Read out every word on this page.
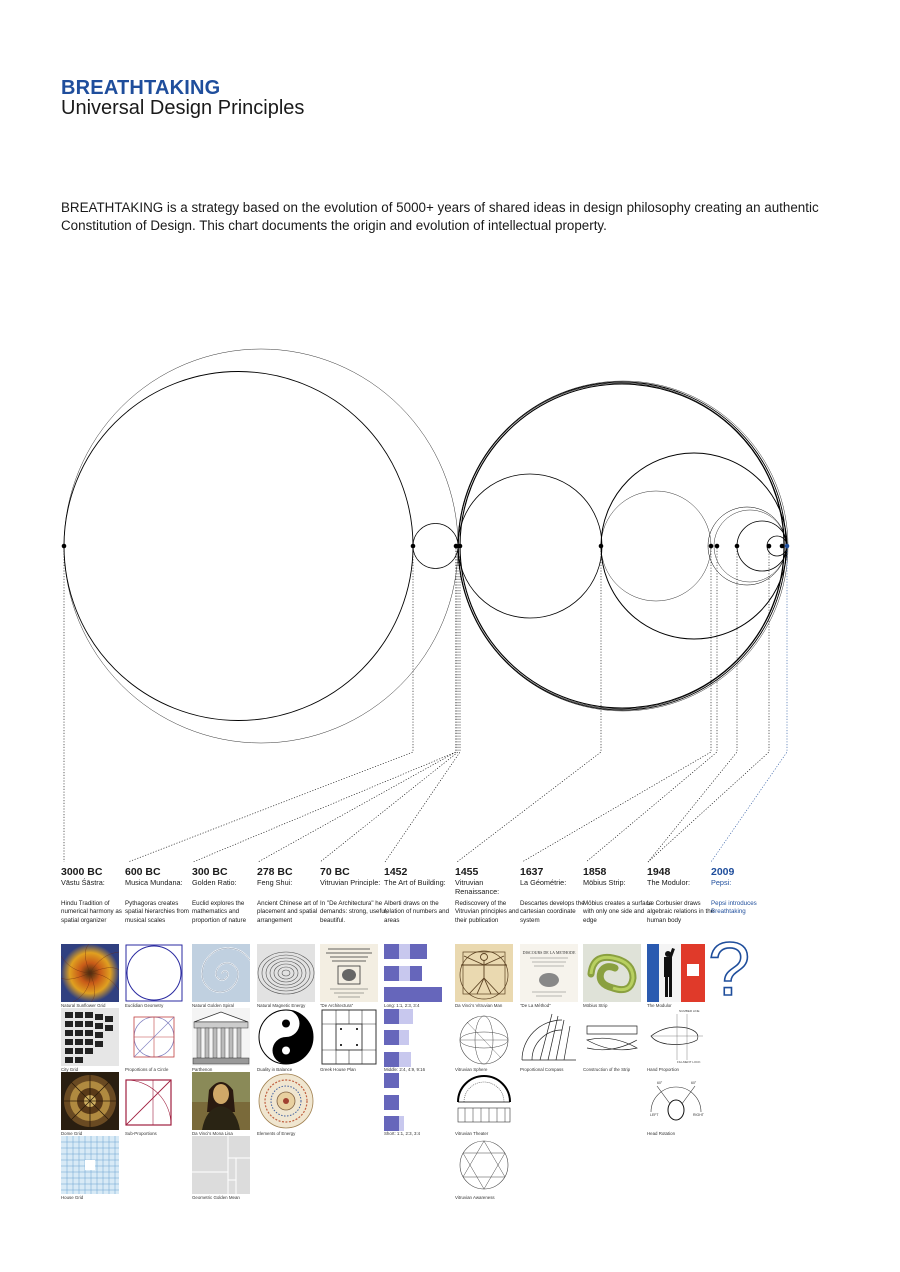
BREATHTAKING
Universal Design Principles
BREATHTAKING is a strategy based on the evolution of 5000+ years of shared ideas in design philosophy creating an authentic Constitution of Design. This chart documents the origin and evolution of intellectual property.
3000 BC
Vāstu Śāstra:
Hindu Tradition of numerical harmony as spatial organizer
600 BC
Musica Mundana:
Pythagoras creates spatial hierarchies from musical scales
300 BC
Golden Ratio:
Euclid explores the mathematics and proportion of nature
278 BC
Feng Shui:
Ancient Chinese art of placement and spatial arrangement
70 BC
Vitruvian Principle:
In "De Architectura" he demands: strong, useful, beautiful.
1452
The Art of Building:
Alberti draws on the relation of numbers and areas
1455
Vitruvian Renaissance:
Rediscovery of the Vitruvian principles and their publication
1637
La Géométrie:
Descartes develops the cartesian coordinate system
1858
Möbius Strip:
Möbius creates a surface with only one side and edge
1948
The Modulor:
Le Corbusier draws algebraic relations in the human body
2009
Pepsi:
Pepsi introduces Breathtaking
Natural Sunflower Grid
City Grid
Dome Grid
House Grid
Euclidian Geometry
Proportions of a Circle
Sub-Proportions
Natural Golden Spiral
Parthenon
Da Vinci's Mona Lisa
Geometric Golden Mean
Natural Magnetic Energy
Duality in Balance
Elements of Energy
"De Architectura"
Greek House Plan
Long: 1:1, 2:3, 3:4
Middle: 2:4, 4:9, 9:16
Short: 1:1, 2:3, 3:4
Da Vinci's Vitruvian Man
Vitruvian Sphere
Vitruvian Theater
Vitruvian Awareness
DISCOURS DE LA METHODE
"De La Méthod"
Proportional Compass
Möbius Strip
Construction of the Strip
The Modulor
NUMBER LINE
FILLMENT LOCK
Hand Proportion
60°	60°
LEFT	RIGHT
Head Rotation
?
